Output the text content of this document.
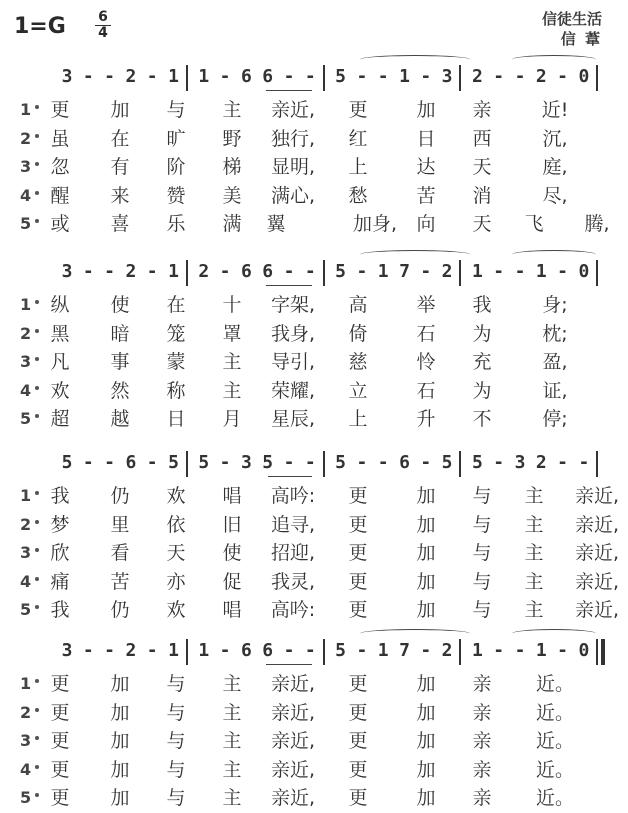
$1=G \frac{6}{4}$	信徒生活
信 葦
3 - - 2 - 1	1 - 6 6 - -	5 - - 1 - 3	2 - - 2 - 0
1 更 加 与 主	亲近,	更	加 亲	近!
2 虽 在 旷 野	独行,	红	日 西	沉,
3 忽 有 阶 梯	显明,	上	达 天	庭,
4 醒 来 赞 美	满心,	愁	苦 消	尽,
5 或 喜 乐 满 翼	加身,	向 天 飞	腾,
3 - - 2 - 1	2 - 6 6 - -	5 - 1 7 - 2	1 - - 1 - 0
1 纵 使 在 十	字架,	高	举 我	身;
2 黑 暗 笼 罩	我身,	倚	石 为	枕;
3 凡 事 蒙 主	导引,	慈	怜 充	盈,
4 欢 然 称 主	荣耀,	立	石 为	证,
5 超 越 日 月	星辰,	上	升 不	停;
5 - - 6 - 5	5 - 3 5 - -	5 - - 6 - 5	5 - 3 2 - -
1 我 仍 欢 唱	高吟:	更	加 与 主	亲近,
2 梦 里 依 旧	追寻,	更	加 与 主	亲近,
3 欣 看 天 使	招迎,	更	加 与 主	亲近,
4 痛 苦 亦 促	我灵,	更	加 与 主	亲近,
5 我 仍 欢 唱	高吟:	更	加 与 主	亲近,
3 - - 2 - 1	1 - 6 6 - -	5 - 1 7 - 2	1 - - 1 - 0
1 更 加 与 主	亲近,	更	加 亲	近。
2 更 加 与 主	亲近,	更	加 亲	近。
3 更 加 与 主	亲近,	更	加 亲	近。
4 更 加 与 主	亲近,	更	加 亲	近。
5 更 加 与 主	亲近,	更	加 亲	近。
